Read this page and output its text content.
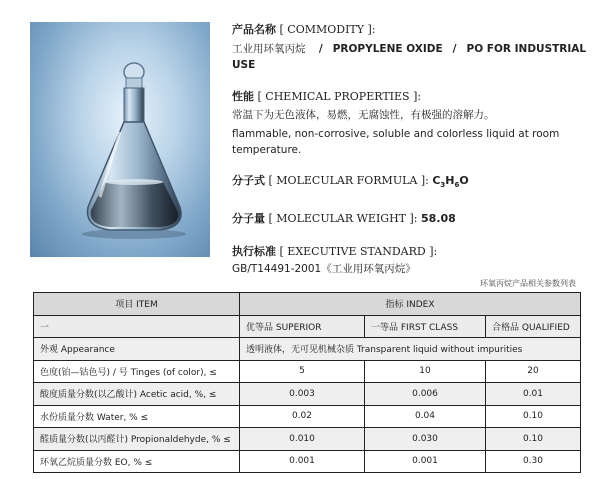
产品名称 [ COMMODITY ]:
工业用环氧丙烷 / PROPYLENE OXIDE / PO FOR INDUSTRIAL USE
性能 [ CHEMICAL PROPERTIES ]:
常温下为无色液体，易燃，无腐蚀性，有极强的溶解力。
flammable, non-corrosive, soluble and colorless liquid at room temperature.
分子式 [ MOLECULAR FORMULA ]: $C_3H_6O$
分子量 [ MOLECULAR WEIGHT ]: 58.08
执行标准 [ EXECUTIVE STANDARD ]:
GB/T14491-2001《工业用环氧丙烷》
环氧丙烷产品相关参数列表
项目 ITEM	指标 INDEX		
一	优等品 SUPERIOR	一等品 FIRST CLASS	合格品 QUALIFIED
外观 Appearance	透明液体，无可见机械杂质 Transparent liquid without impurities		
色度(铂—钴色号) / 号 Tinges (of color), ≤	5	10	20
酸度质量分数(以乙酸计) Acetic acid, %, ≤	0.003	0.006	0.01
水份质量分数 Water, % ≤	0.02	0.04	0.10
醛质量分数(以丙醛计) Propionaldehyde, % ≤	0.010	0.030	0.10
环氧乙烷质量分数 EO, % ≤	0.001	0.001	0.30
